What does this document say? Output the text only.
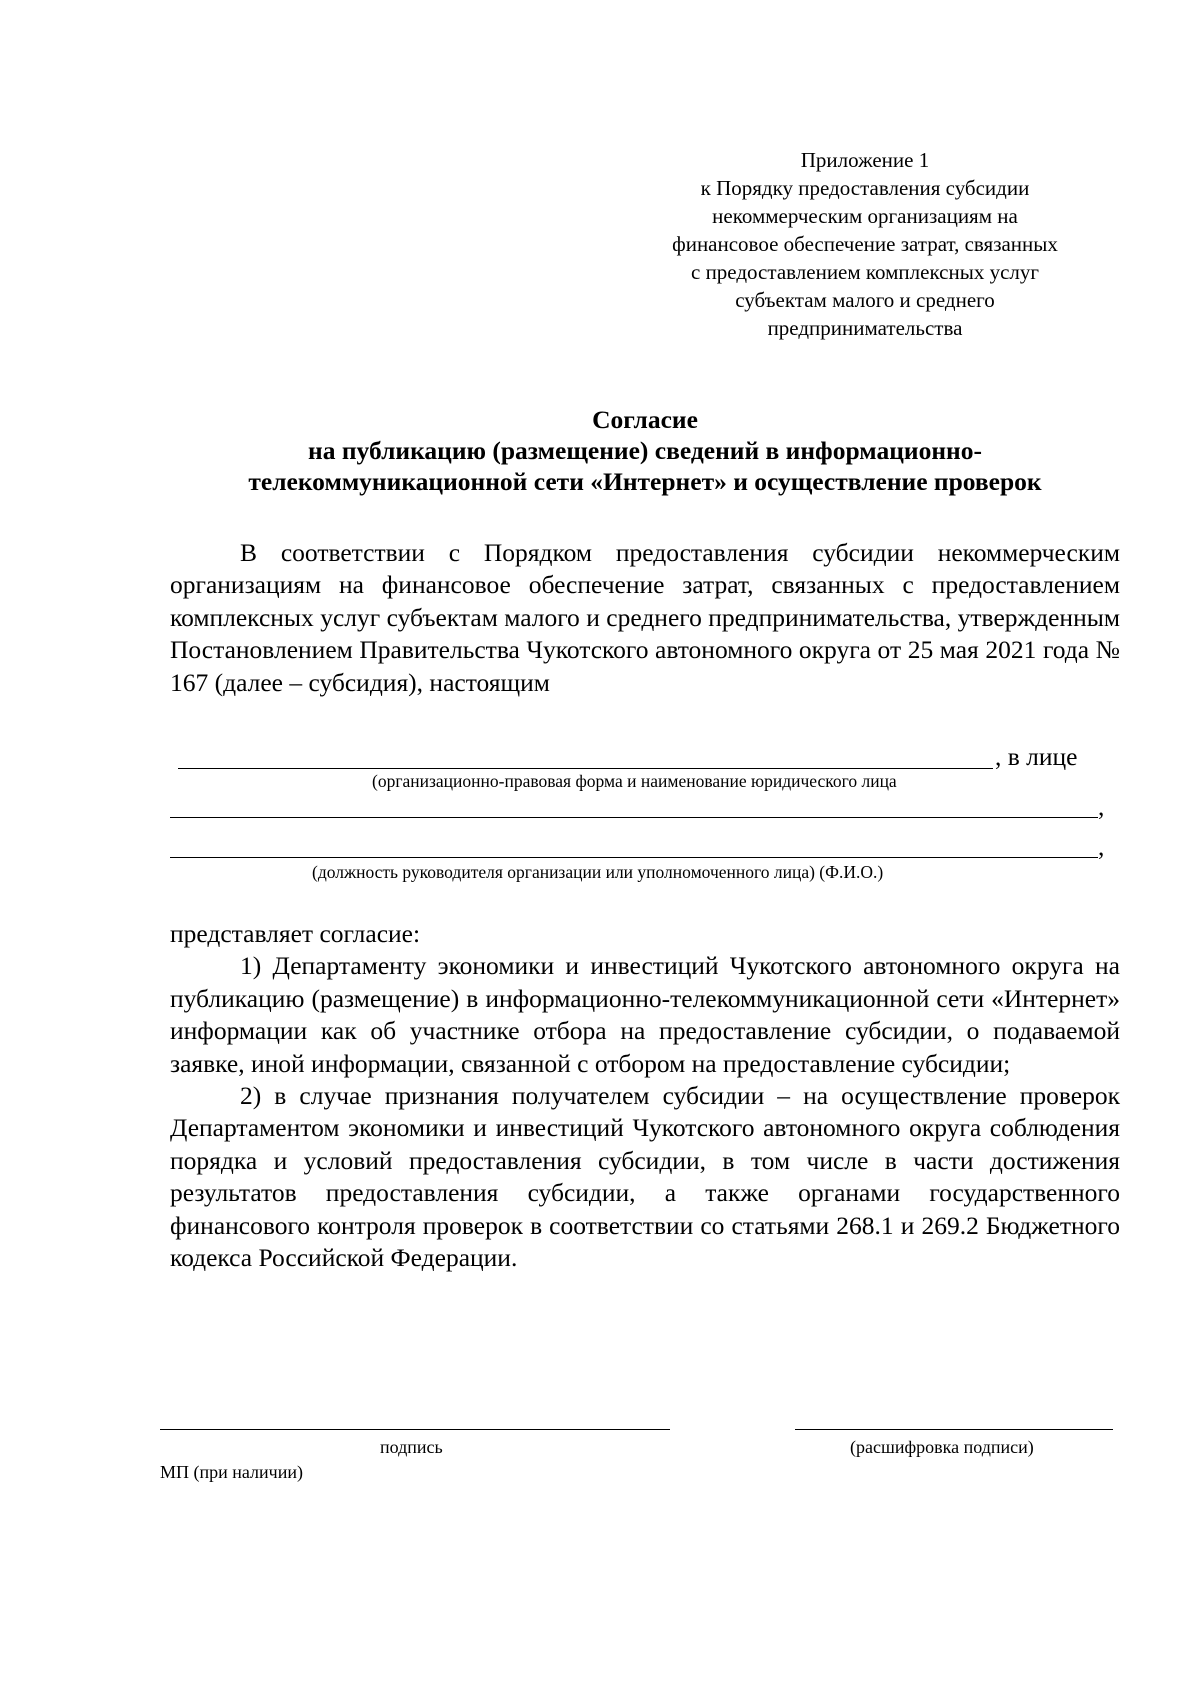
Приложение 1
к Порядку предоставления субсидии
некоммерческим организациям на
финансовое обеспечение затрат, связанных
с предоставлением комплексных услуг
субъектам малого и среднего
предпринимательства
Согласие
на публикацию (размещение) сведений в информационно-
телекоммуникационной сети «Интернет» и осуществление проверок
В соответствии с Порядком предоставления субсидии некоммерческим организациям на финансовое обеспечение затрат, связанных с предоставлением комплексных услуг субъектам малого и среднего предпринимательства, утвержденным Постановлением Правительства Чукотского автономного округа от 25 мая 2021 года № 167 (далее – субсидия), настоящим
, в лице
(организационно-правовая форма и наименование юридического лица
,
,
(должность руководителя организации или уполномоченного лица) (Ф.И.О.)
представляет согласие:
1) Департаменту экономики и инвестиций Чукотского автономного округа на публикацию (размещение) в информационно-телекоммуникационной сети «Интернет» информации как об участнике отбора на предоставление субсидии, о подаваемой заявке, иной информации, связанной с отбором на предоставление субсидии;
2) в случае признания получателем субсидии – на осуществление проверок Департаментом экономики и инвестиций Чукотского автономного округа соблюдения порядка и условий предоставления субсидии, в том числе в части достижения результатов предоставления субсидии, а также органами государственного финансового контроля проверок в соответствии со статьями 268.1 и 269.2 Бюджетного кодекса Российской Федерации.
подпись	(расшифровка подписи)
МП (при наличии)
